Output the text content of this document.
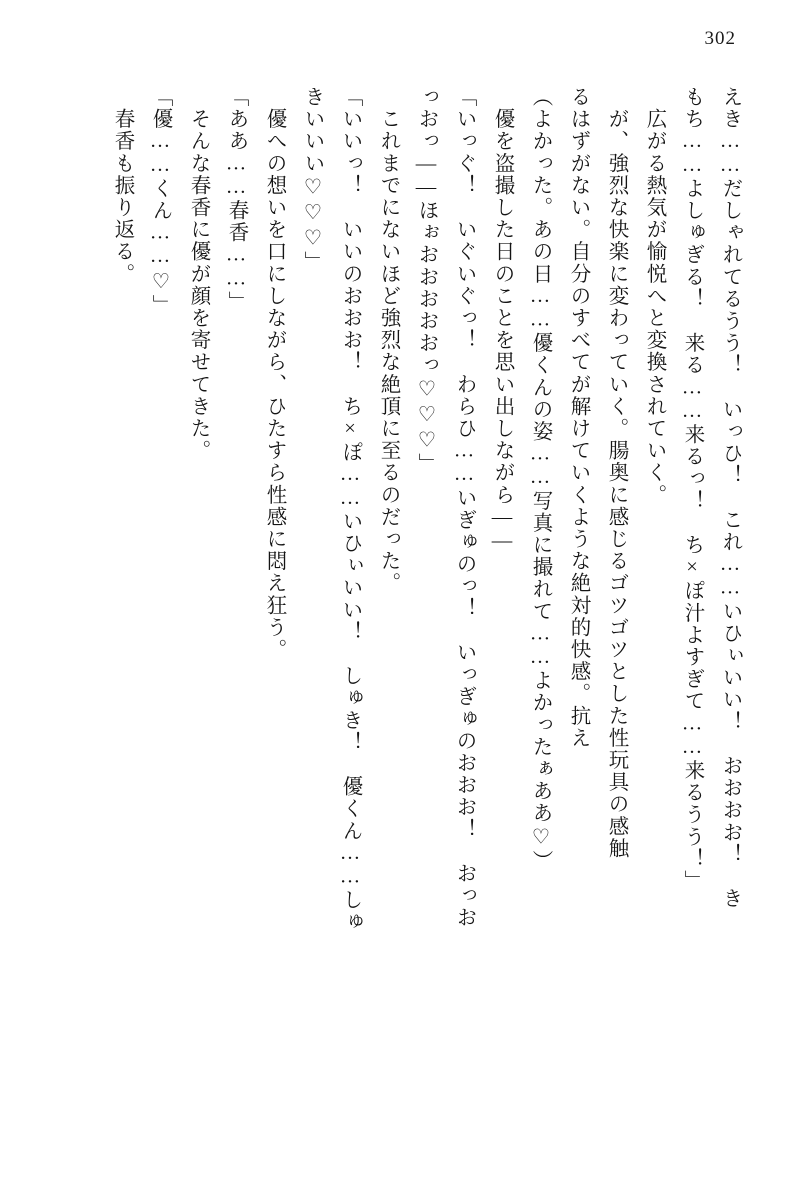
302
えき……だしゃれてるうう！　いっひ！　これ……いひぃいい！　おおおお！　き
もち……よしゅぎる！　来る……来るっ！　ち×ぽ汁よすぎて……来るうう！」
　広がる熱気が愉悦へと変換されていく。
　が、強烈な快楽に変わっていく。腸奥に感じるゴツゴツとした性玩具の感触
るはずがない。自分のすべてが解けていくような絶対的快感。抗え
（よかった。あの日……優くんの姿……写真に撮れて……よかったぁああ♡）
　優を盗撮した日のことを思い出しながら――
「いっぐ！　いぐいぐっ！　わらひ……いぎゅのっ！　いっぎゅのおおお！　おっお
っおっ――ほぉおおおおおっ♡♡♡」
　これまでにないほど強烈な絶頂に至るのだった。
「いいっ！　いいのおおお！　ち×ぽ……いひぃいい！　しゅき！　優くん……しゅ
きいいい♡♡♡」
　優への想いを口にしながら、ひたすら性感に悶え狂う。
「ああ……春香……」
　そんな春香に優が顔を寄せてきた。
「優……くん……♡」
　春香も振り返る。
